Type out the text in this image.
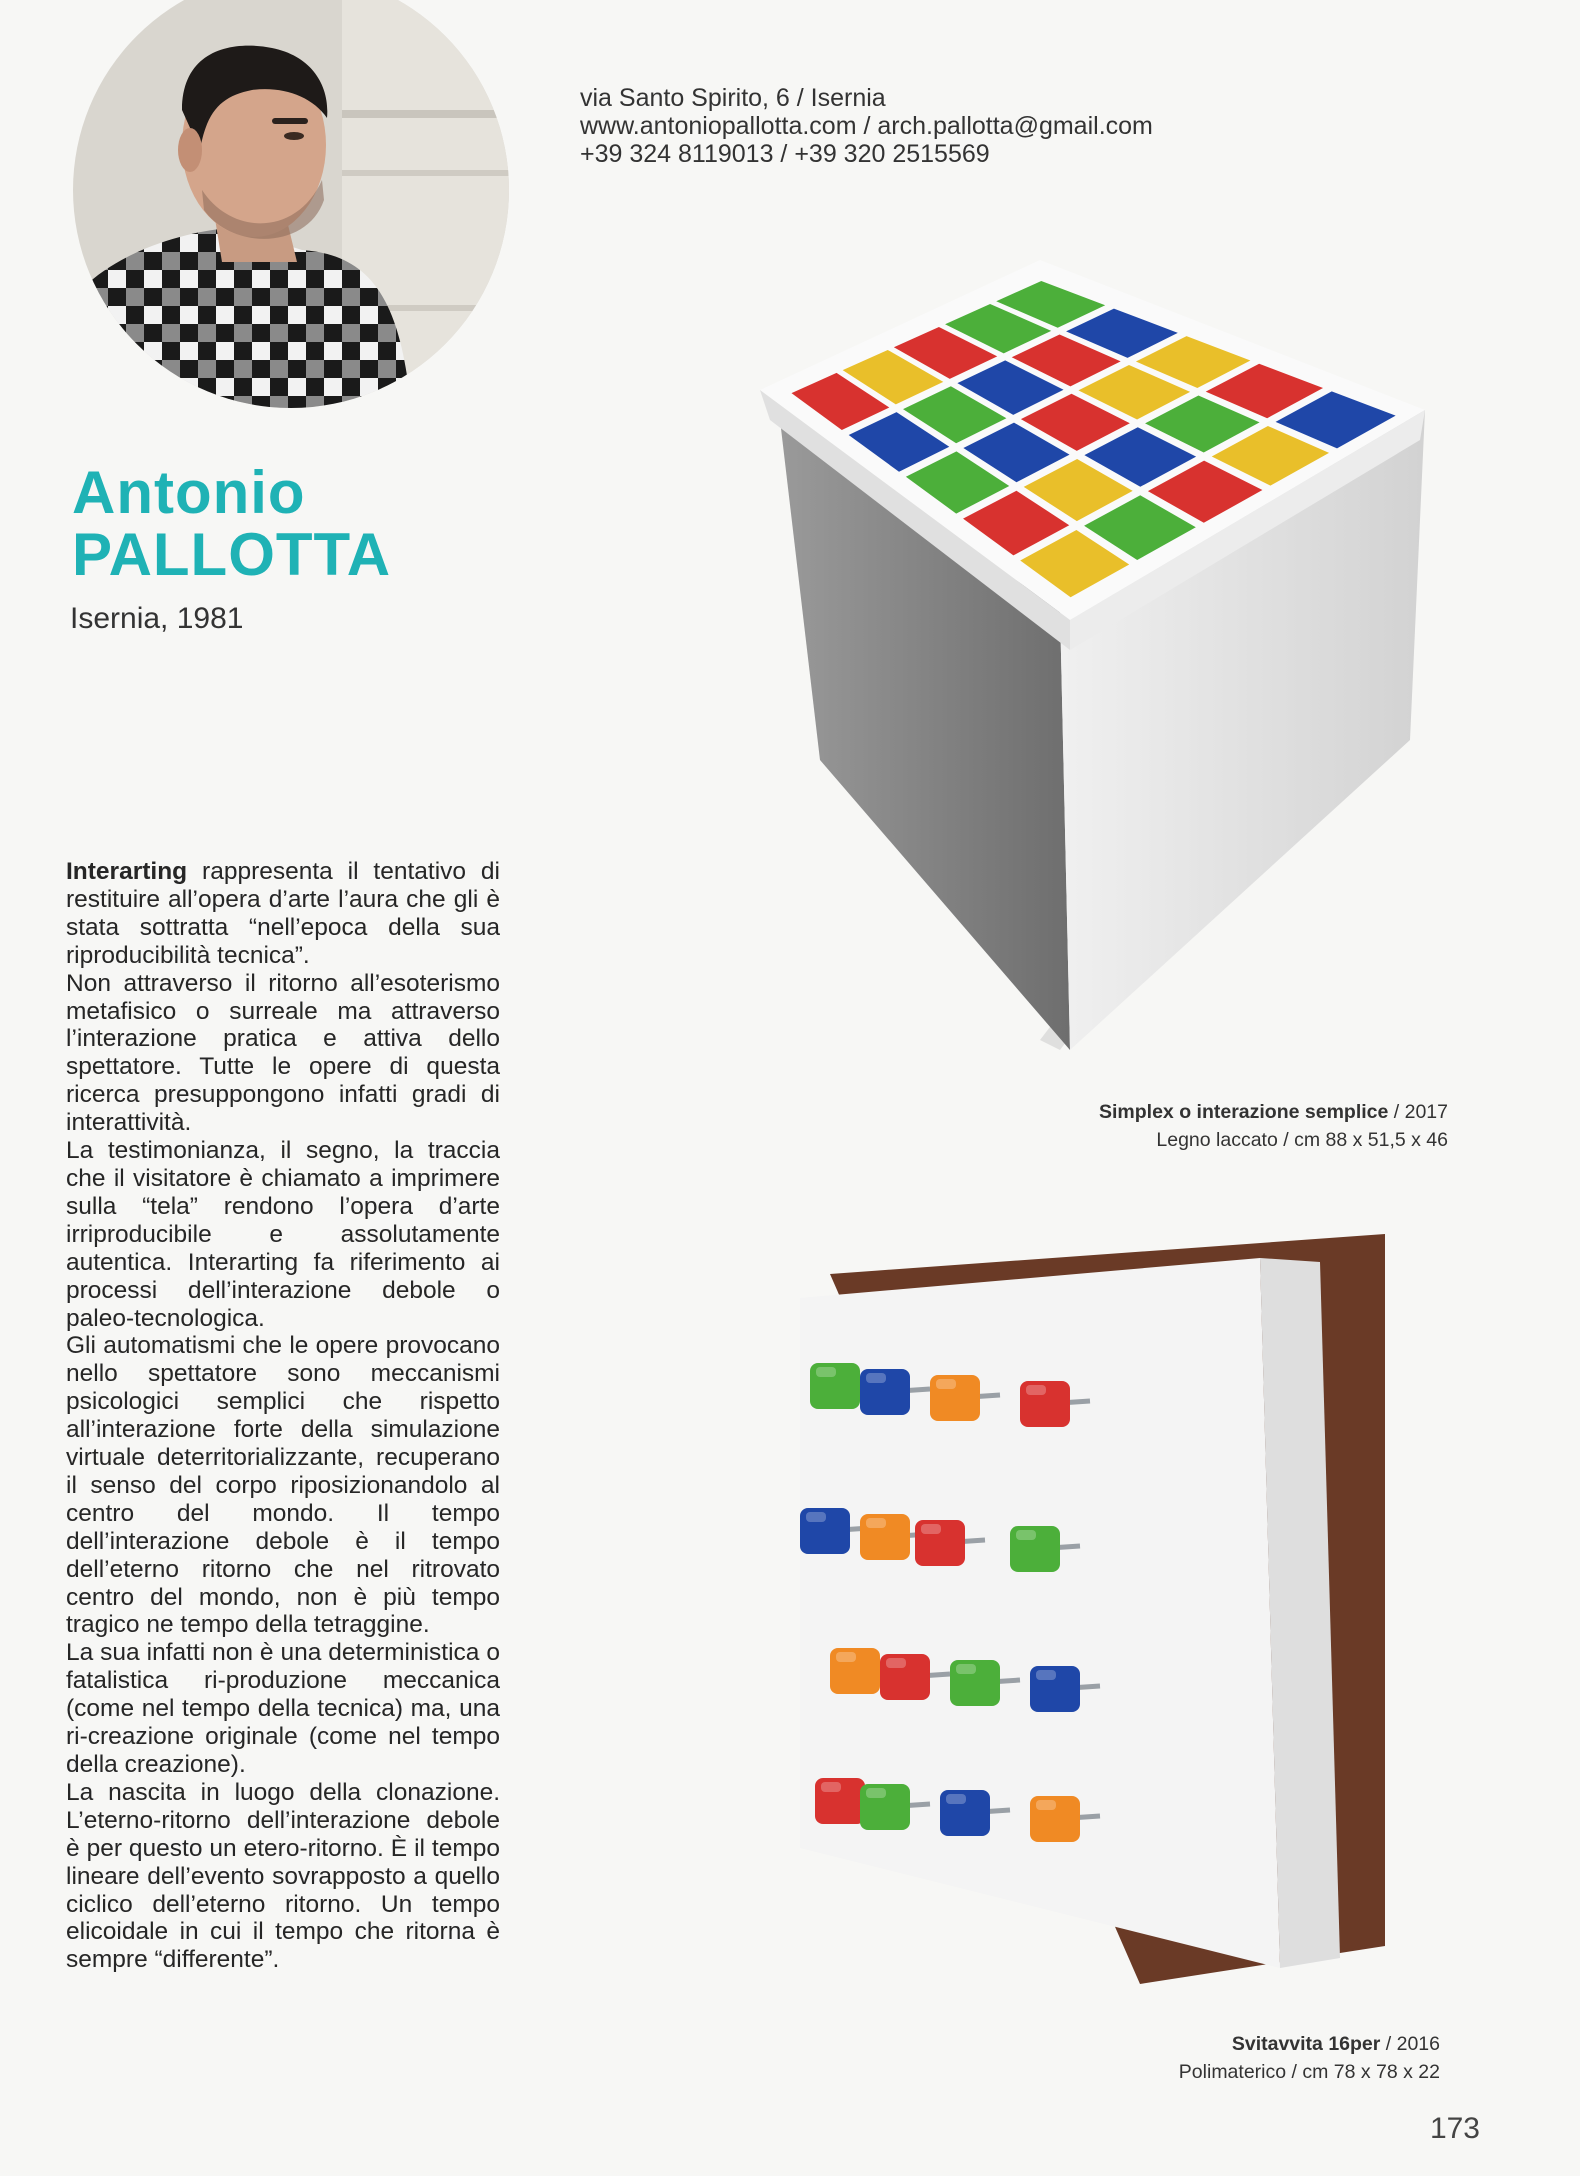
via Santo Spirito, 6 / Isernia
www.antoniopallotta.com / arch.pallotta@gmail.com
+39 324 8119013 / +39 320 2515569
Antonio
PALLOTTA
Isernia, 1981

Interarting rappresenta il tentativo di restituire all’opera d’arte l’aura che gli è stata sottratta “nell’epoca della sua riproducibilità tecnica”.

Non attraverso il ritorno all’esoterismo metafisico o surreale ma attraverso l’interazione pratica e attiva dello spettatore. Tutte le opere di questa ricerca presuppongono infatti gradi di interattività.

La testimonianza, il segno, la traccia che il visitatore è chiamato a imprimere sulla “tela” rendono l’opera d’arte irriproducibile e assolutamente autentica. Interarting fa riferimento ai processi dell’interazione debole o paleo-tecnologica.

Gli automatismi che le opere provocano nello spettatore sono meccanismi psicologici semplici che rispetto all’interazione forte della simulazione virtuale deterritorializzante, recuperano il senso del corpo riposizionandolo al centro del mondo. Il tempo dell’interazione debole è il tempo dell’eterno ritorno che nel ritrovato centro del mondo, non è più tempo tragico ne tempo della tetraggine.

La sua infatti non è una deterministica o fatalistica ri-produzione meccanica (come nel tempo della tecnica) ma, una ri-creazione originale (come nel tempo della creazione).

La nascita in luogo della clonazione. L’eterno-ritorno dell’interazione debole è per questo un etero-ritorno. È il tempo lineare dell’evento sovrapposto a quello ciclico dell’eterno ritorno. Un tempo elicoidale in cui il tempo che ritorna è sempre “differente”.

Simplex o interazione semplice / 2017
Legno laccato / cm 88 x 51,5 x 46
Svitavvita 16per / 2016
Polimaterico / cm 78 x 78 x 22
173
